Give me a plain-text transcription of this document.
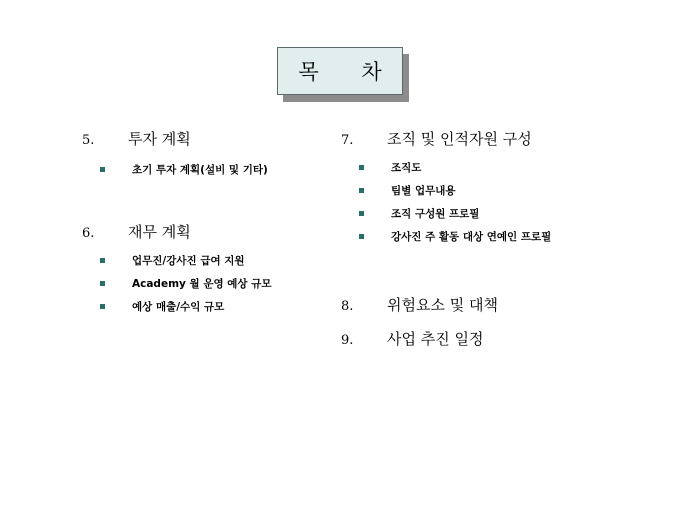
목 차
5.	투자 계획
초기 투자 계획(설비 및 기타)
6.	재무 계획
업무진/강사진 급여 지원
Academy 월 운영 예상 규모
예상 매출/수익 규모
7.	조직 및 인적자원 구성
조직도
팀별 업무내용
조직 구성원 프로필
강사진 주 활동 대상 연예인 프로필
8.	위험요소 및 대책
9.	사업 추진 일정
